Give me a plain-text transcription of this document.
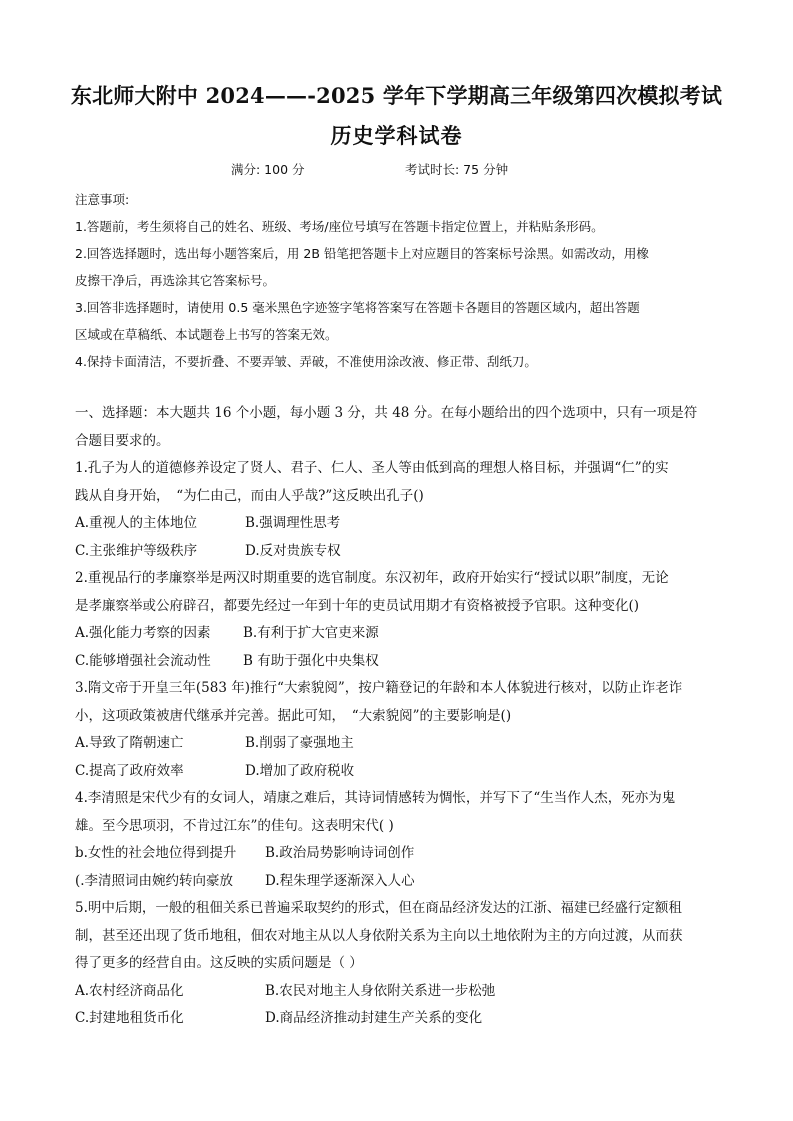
东北师大附中 2024——-2025 学年下学期高三年级第四次模拟考试
历史学科试卷
满分: 100 分	考试时长: 75 分钟
注意事项:
1.答题前，考生须将自己的姓名、班级、考场/座位号填写在答题卡指定位置上，并粘贴条形码。
2.回答选择题时，选出每小题答案后，用 2B 铅笔把答题卡上对应题目的答案标号涂黑。如需改动，用橡
皮擦干净后，再选涂其它答案标号。
3.回答非选择题时，请使用 0.5 毫米黑色字迹签字笔将答案写在答题卡各题目的答题区域内，超出答题
区域或在草稿纸、本试题卷上书写的答案无效。
4.保持卡面清洁，不要折叠、不要弄皱、弄破，不准使用涂改液、修正带、刮纸刀。
一、选择题：本大题共 16 个小题，每小题 3 分，共 48 分。在每小题给出的四个选项中，只有一项是符
合题目要求的。
1.孔子为人的道德修养设定了贤人、君子、仁人、圣人等由低到高的理想人格目标，并强调“仁”的实
践从自身开始，　“为仁由己，而由人乎哉?”这反映出孔子()
A.重视人的主体地位	B.强调理性思考
C.主张维护等级秩序	D.反对贵族专权
2.重视品行的孝廉察举是两汉时期重要的选官制度。东汉初年，政府开始实行“授试以职”制度，无论
是孝廉察举或公府辟召，都要先经过一年到十年的吏员试用期才有资格被授予官职。这种变化()
A.强化能力考察的因素	B.有利于扩大官吏来源
C.能够增强社会流动性	B 有助于强化中央集权
3.隋文帝于开皇三年(583 年)推行“大索貌阅”，按户籍登记的年龄和本人体貌进行核对，以防止诈老诈
小，这项政策被唐代继承并完善。据此可知，　“大索貌阅”的主要影响是()
A.导致了隋朝速亡	B.削弱了豪强地主
C.提高了政府效率	D.增加了政府税收
4.李清照是宋代少有的女词人，靖康之难后，其诗词情感转为惆怅，并写下了“生当作人杰，死亦为鬼
雄。至今思项羽，不肯过江东”的佳句。这表明宋代( )
b.女性的社会地位得到提升	B.政治局势影响诗词创作
(.李清照词由婉约转向豪放	D.程朱理学逐渐深入人心
5.明中后期，一般的租佃关系已普遍采取契约的形式，但在商品经济发达的江浙、福建已经盛行定额租
制，甚至还出现了货币地租，佃农对地主从以人身依附关系为主向以土地依附为主的方向过渡，从而获
得了更多的经营自由。这反映的实质问题是（ ）
A.农村经济商品化	B.农民对地主人身依附关系进一步松弛
C.封建地租货币化	D.商品经济推动封建生产关系的变化
